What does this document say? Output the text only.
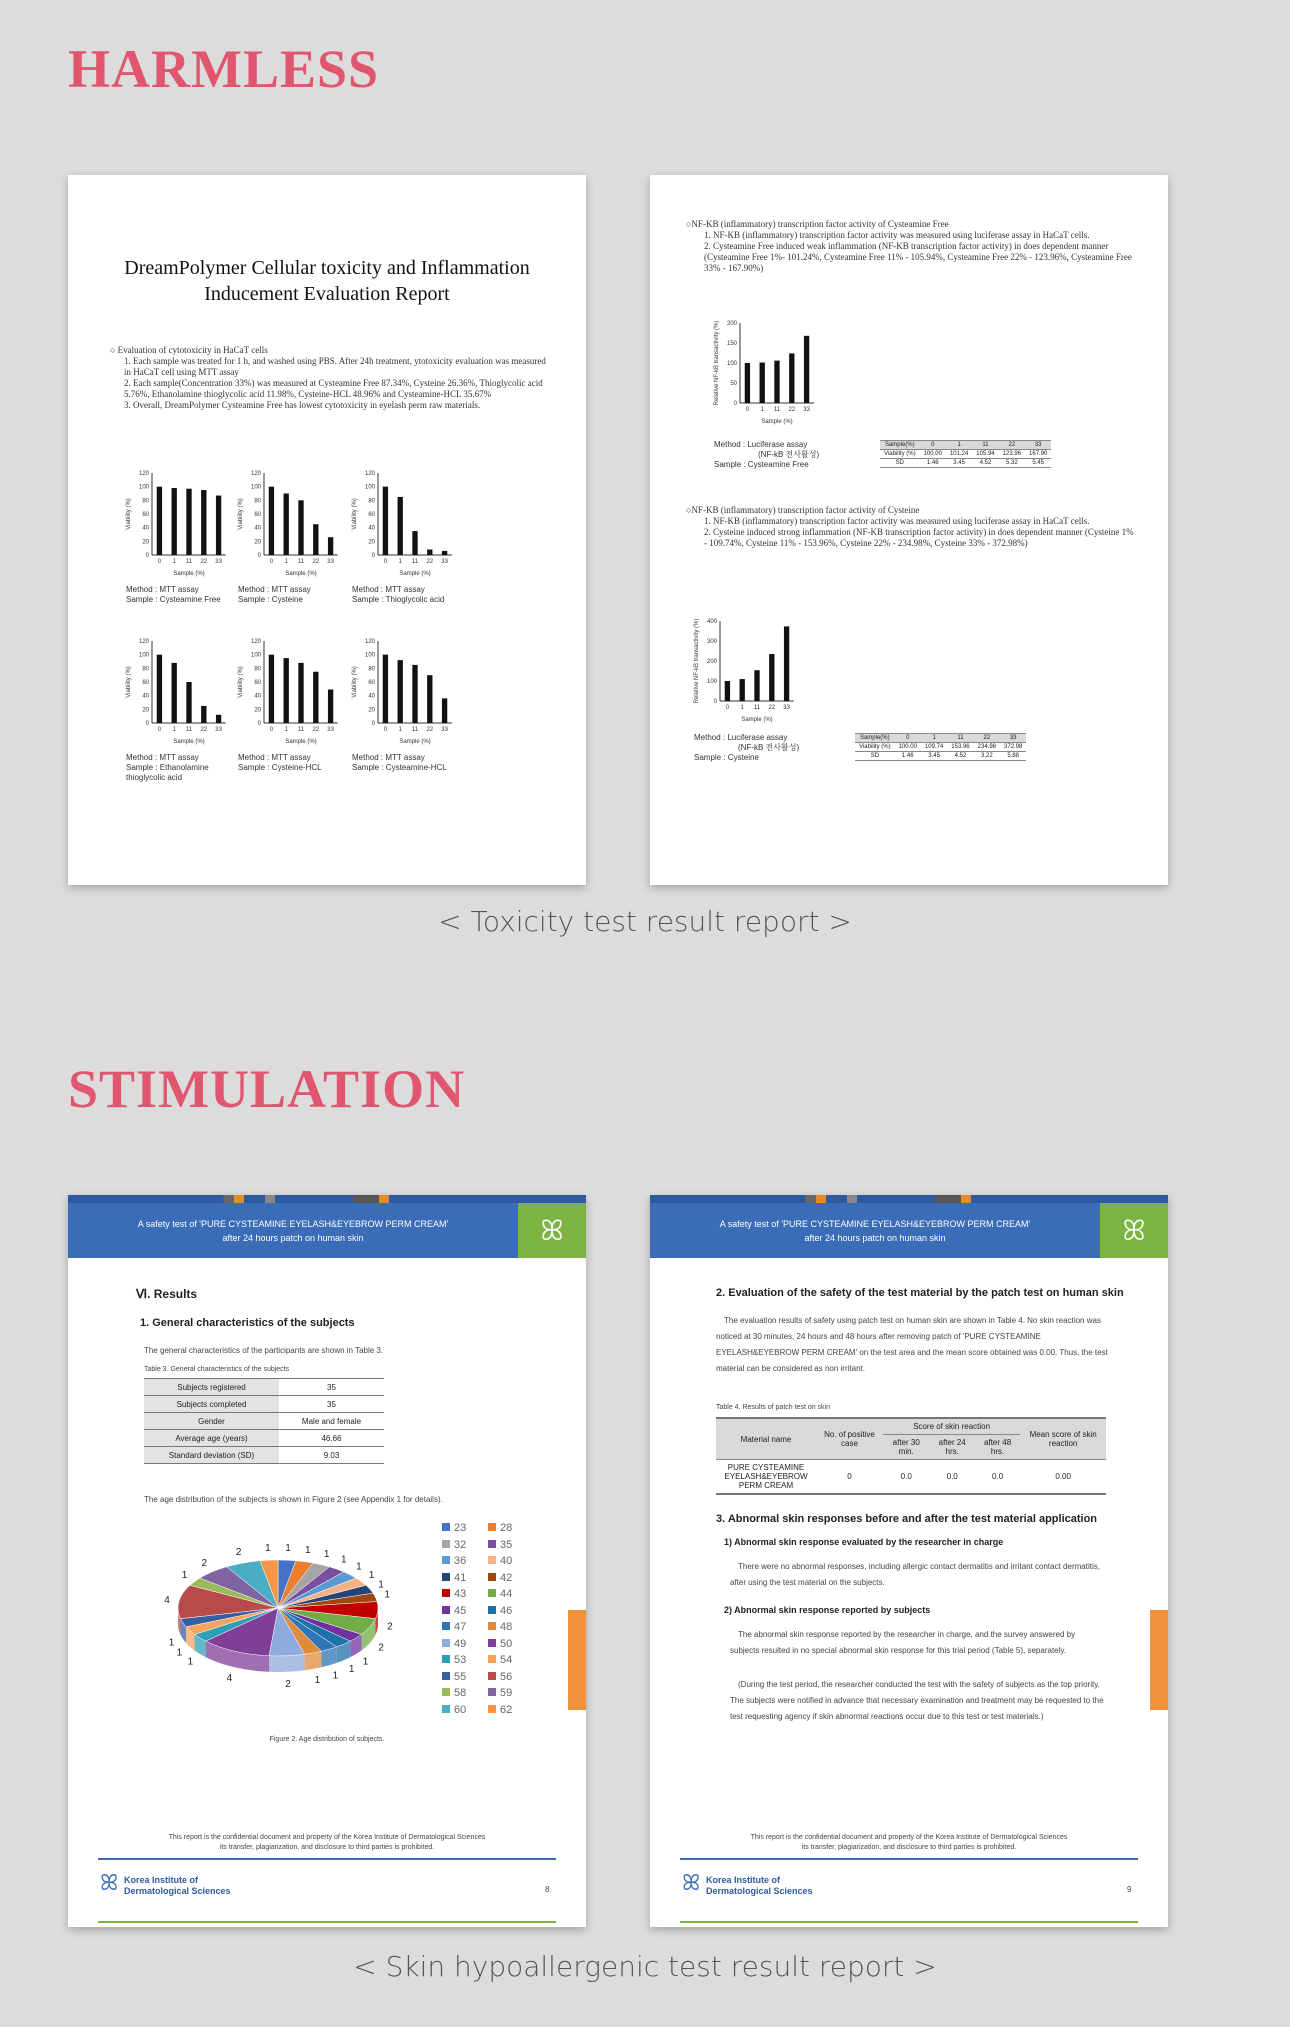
HARMLESS
DreamPolymer Cellular toxicity and Inflammation
Inducement Evaluation Report
○ Evaluation of cytotoxicity in HaCaT cells
1. Each sample was treated for 1 h, and washed using PBS. After 24h treatment, ytotoxicity evaluation was measured in HaCaT cell using MTT assay
2. Each sample(Concentration 33%) was measured at Cysteamine Free 87.34%, Cysteine 26.36%, Thioglycolic acid 5.76%, Ethanolamine thioglycolic acid 11.98%, Cysteine-HCL 48.96% and Cysteamine-HCL 35.67%
3. Overall, DreamPolymer Cysteamine Free has lowest cytotoxicity in eyelash perm raw materials.
120
100
80
60
40
20
0
0 1 11 22 33
Sample (%)
Viability (%)
Method : MTT assay
Sample : Cysteamine Free
120
100
80
60
40
20
0
0 1 11 22 33
Sample (%)
Viability (%)
Method : MTT assay
Sample : Cysteine
120
100
80
60
40
20
0
0 1 11 22 33
Sample (%)
Viability (%)
Method : MTT assay
Sample : Thioglycolic acid
120
100
80
60
40
20
0
0 1 11 22 33
Sample (%)
Viability (%)
Method : MTT assay
Sample : Ethanolamine thioglycolic acid
120
100
80
60
40
20
0
0 1 11 22 33
Sample (%)
Viability (%)
Method : MTT assay
Sample : Cysteine-HCL
120
100
80
60
40
20
0
0 1 11 22 33
Sample (%)
Viability (%)
Method : MTT assay
Sample : Cysteamine-HCL
○NF-KB (inflammatory) transcription factor activity of Cysteamine Free
1. NF-KB (inflammatory) transcription factor activity was measured using luciferase assay in HaCaT cells.
2. Cysteamine Free induced weak inflammation (NF-KB transcription factor activity) in does dependent manner (Cysteamine Free 1%- 101.24%, Cysteamine Free 11% - 105.94%, Cysteamine Free 22% - 123.96%, Cysteamine Free 33% - 167.90%)
200
150
100
50
0
0 1 11 22 33
Sample (%)
Relative NF-kB transactivity (%)
Method : Luciferase assay
(NF-kB 전사활성)
Sample : Cysteamine Free
Sample(%)	0	1	11	22	33
Viability (%)	100.00	101.24	105.94	123.96	167.90
SD	1.46	3.45	4.52	5.32	5.45
○NF-KB (inflammatory) transcription factor activity of Cysteine
1. NF-KB (inflammatory) transcription factor activity was measured using luciferase assay in HaCaT cells.
2. Cysteine induced strong inflammation (NF-KB transcription factor activity) in does dependent manner (Cysteine 1% - 109.74%, Cysteine 11% - 153.96%, Cysteine 22% - 234.98%, Cysteine 33% - 372.98%)
400
300
200
100
0
0 1 11 22 33
Sample (%)
Relative NF-kB transactivity (%)
Method : Luciferase assay
(NF-kB 전사활성)
Sample : Cysteine
Sample(%)	0	1	11	22	33
Viability (%)	100.00	109.74	153.96	234.98	372.98
SD	1.46	3.45	4.52	3.22	5.88
< Toxicity test result report >
STIMULATION
A safety test of 'PURE CYSTEAMINE EYELASH&EYEBROW PERM CREAM'
after 24 hours patch on human skin	ꕤ
Ⅵ. Results
1. General characteristics of the subjects
The general characteristics of the participants are shown in Table 3.
Table 3. General characteristics of the subjects
Subjects registered	35
Subjects completed	35
Gender	Male and female
Average age (years)	46.66
Standard deviation (SD)	9.03
The age distribution of the subjects is shown in Figure 2 (see Appendix 1 for details).
1 1 1
1
1
1
1
1
2
2
1
1
1
1
2
4
1
1
1
4
1
2
2 1
23	28
32	35
36	40
41	42
43	44
45	46
47	48
49	50
53	54
55	56
58	59
60	62
Figure 2. Age distribution of subjects.
This report is the confidential document and property of the Korea Institute of Dermatological Sciences
its transfer, plagiarization, and disclosure to third parties is prohibited.
ꕤ Korea Institute of
Dermatological Sciences	8
A safety test of 'PURE CYSTEAMINE EYELASH&EYEBROW PERM CREAM'
after 24 hours patch on human skin	ꕤ
2. Evaluation of the safety of the test material by the patch test on human skin
The evaluation results of safety using patch test on human skin are shown in Table 4. No skin reaction was noticed at 30 minutes, 24 hours and 48 hours after removing patch of 'PURE CYSTEAMINE EYELASH&EYEBROW PERM CREAM' on the test area and the mean score obtained was 0.00. Thus, the test material can be considered as non irritant.
Table 4. Results of patch test on skin
Material name	No. of positive case	Score of skin reaction			Mean score of skin reaction
		after 30 min.	after 24 hrs.	after 48 hrs.	
PURE CYSTEAMINE EYELASH&EYEBROW PERM CREAM	0	0.0	0.0	0.0	0.00
3. Abnormal skin responses before and after the test material application
1) Abnormal skin response evaluated by the researcher in charge
There were no abnormal responses, including allergic contact dermatitis and irritant contact dermatitis, after using the test material on the subjects.
2) Abnormal skin response reported by subjects
The abnormal skin response reported by the researcher in charge, and the survey answered by subjects resulted in no special abnormal skin response for this trial period (Table 5), separately.
(During the test period, the researcher conducted the test with the safety of subjects as the top priority. The subjects were notified in advance that necessary examination and treatment may be requested to the test requesting agency if skin abnormal reactions occur due to this test or test materials.)
This report is the confidential document and property of the Korea Institute of Dermatological Sciences
its transfer, plagiarization, and disclosure to third parties is prohibited.
ꕤ Korea Institute of
Dermatological Sciences	9
< Skin hypoallergenic test result report >
